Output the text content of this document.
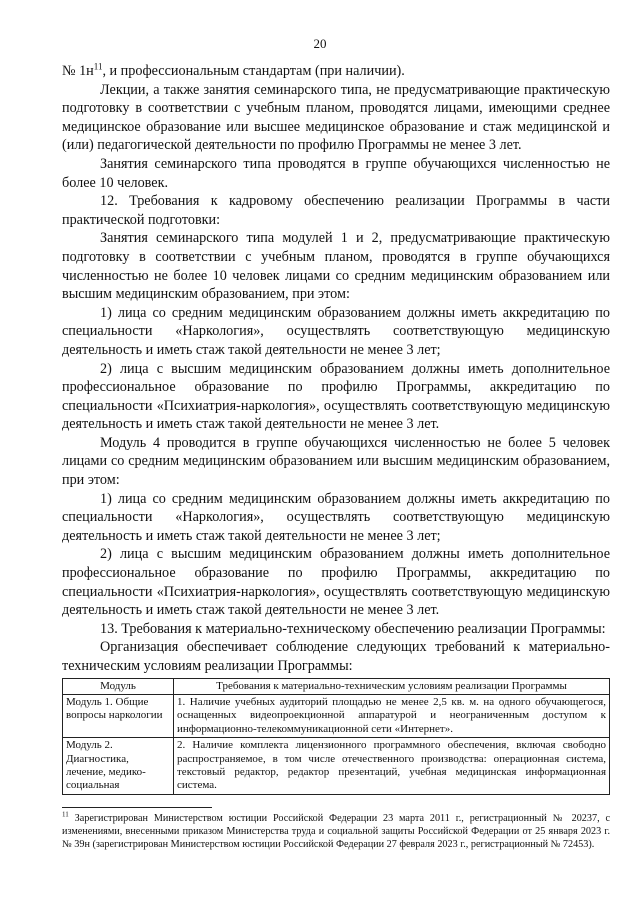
20

№ $1н^{11}$, и профессиональным стандартам (при наличии).

Лекции, а также занятия семинарского типа, не предусматривающие практическую подготовку в соответствии с учебным планом, проводятся лицами, имеющими среднее медицинское образование или высшее медицинское образование и стаж медицинской и (или) педагогической деятельности по профилю Программы не менее 3 лет.

Занятия семинарского типа проводятся в группе обучающихся численностью не более 10 человек.

12. Требования к кадровому обеспечению реализации Программы в части практической подготовки:

Занятия семинарского типа модулей 1 и 2, предусматривающие практическую подготовку в соответствии с учебным планом, проводятся в группе обучающихся численностью не более 10 человек лицами со средним медицинским образованием или высшим медицинским образованием, при этом:

1) лица со средним медицинским образованием должны иметь аккредитацию по специальности «Наркология», осуществлять соответствующую медицинскую деятельность и иметь стаж такой деятельности не менее 3 лет;

2) лица с высшим медицинским образованием должны иметь дополнительное профессиональное образование по профилю Программы, аккредитацию по специальности «Психиатрия-наркология», осуществлять соответствующую медицинскую деятельность и иметь стаж такой деятельности не менее 3 лет.

Модуль 4 проводится в группе обучающихся численностью не более 5 человек лицами со средним медицинским образованием или высшим медицинским образованием, при этом:

1) лица со средним медицинским образованием должны иметь аккредитацию по специальности «Наркология», осуществлять соответствующую медицинскую деятельность и иметь стаж такой деятельности не менее 3 лет;

2) лица с высшим медицинским образованием должны иметь дополнительное профессиональное образование по профилю Программы, аккредитацию по специальности «Психиатрия-наркология», осуществлять соответствующую медицинскую деятельность и иметь стаж такой деятельности не менее 3 лет.

13. Требования к материально-техническому обеспечению реализации Программы:

Организация обеспечивает соблюдение следующих требований к материально-техническим условиям реализации Программы:

Модуль	Требования к материально-техническим условиям реализации Программы
Модуль 1. Общие вопросы наркологии	1. Наличие учебных аудиторий площадью не менее 2,5 кв. м. на одного обучающегося, оснащенных видеопроекционной аппаратурой и неограниченным доступом к информационно-телекоммуникационной сети «Интернет».
Модуль 2. Диагностика, лечение, медико-социальная	2. Наличие комплекта лицензионного программного обеспечения, включая свободно распространяемое, в том числе отечественного производства: операционная система, текстовый редактор, редактор презентаций, учебная медицинская информационная система.
$^{11}$ Зарегистрирован Министерством юстиции Российской Федерации 23 марта 2011 г., регистрационный № 20237, с изменениями, внесенными приказом Министерства труда и социальной защиты Российской Федерации от 25 января 2023 г. № 39н (зарегистрирован Министерством юстиции Российской Федерации 27 февраля 2023 г., регистрационный № 72453).
